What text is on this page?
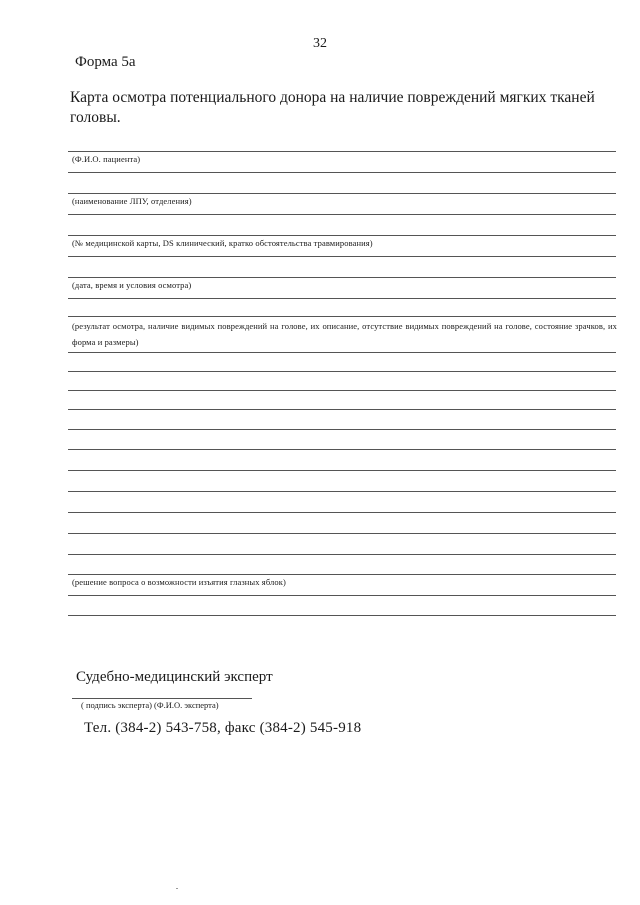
32
Форма 5а
Карта осмотра потенциального донора на наличие повреждений мягких тканей головы.
(Ф.И.О. пациента)
(наименование ЛПУ, отделения)
(№ медицинской карты, DS клинический, кратко обстоятельства травмирования)
(дата, время и условия осмотра)
(результат осмотра, наличие видимых повреждений на голове, их описание, отсутствие видимых повреждений на голове, состояние зрачков, их форма и размеры)
(решение вопроса о возможности изъятия глазных яблок)
Судебно-медицинский эксперт
( подпись эксперта) (Ф.И.О. эксперта)
Тел. (384-2) 543-758, факс (384-2) 545-918
